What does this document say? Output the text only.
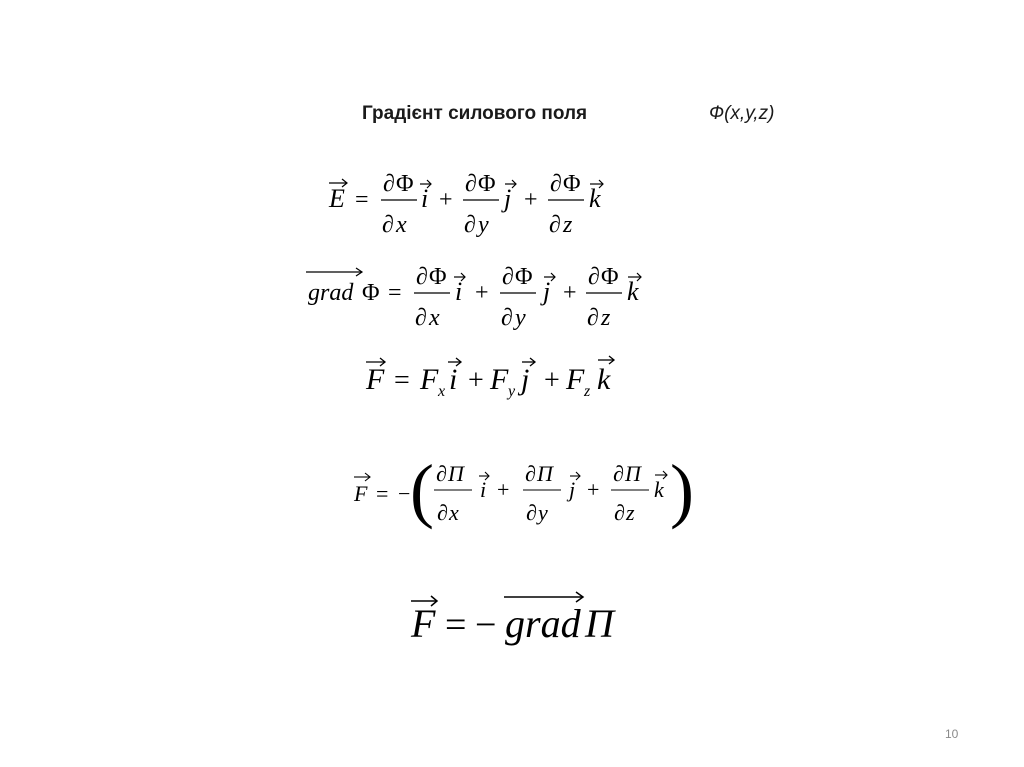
Градієнт силового поля	Ф(x,y,z)
E =
∂ Φ
∂ x
i +
∂ Φ
∂ y
j +
∂ Φ
∂ z
k
grad Φ =
∂ Φ
∂ x
i +
∂ Φ
∂ y
j +
∂ Φ
∂ z
k
F = F x i + F y j + F z k
F = − ( ∂ Π
∂ x
i +
∂ Π
∂ y
j +
∂ Π
∂ z
k )
F = − grad Π
10
